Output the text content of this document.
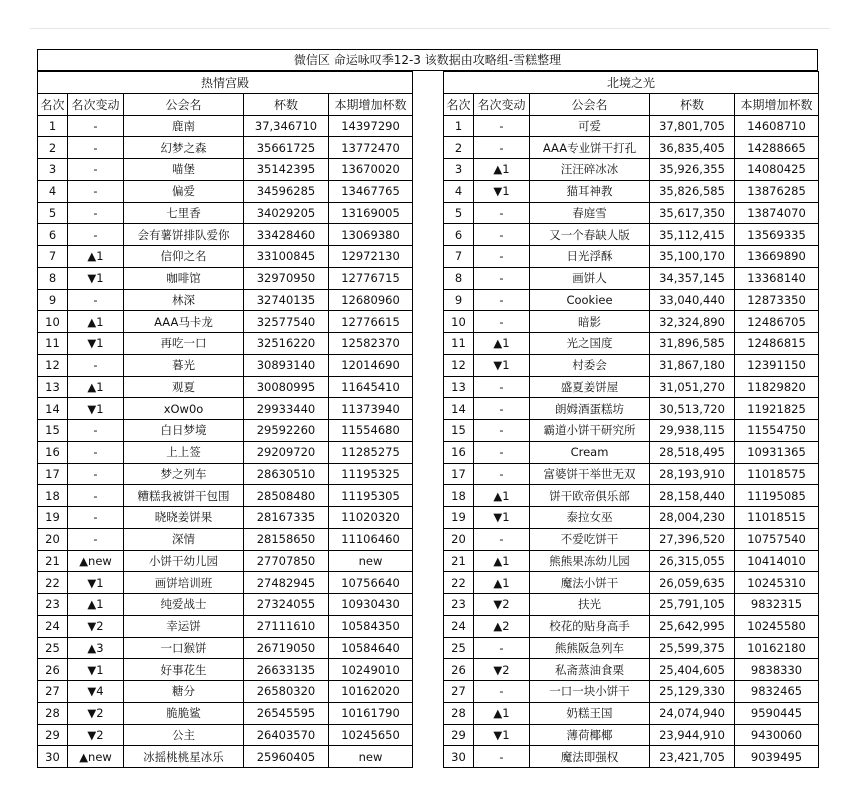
微信区 命运咏叹季12-3 该数据由攻略组-雪糕整理
热情宫殿				
名次	名次变动	公会名	杯数	本期增加杯数
1	-	鹿南	37,346710	14397290
2	-	幻梦之森	35661725	13772470
3	-	喵堡	35142395	13670020
4	-	偏爱	34596285	13467765
5	-	七里香	34029205	13169005
6	-	会有薯饼排队爱你	33428460	13069380
7	▲1	信仰之名	33100845	12972130
8	▼1	咖啡馆	32970950	12776715
9	-	林深	32740135	12680960
10	▲1	AAA马卡龙	32577540	12776615
11	▼1	再吃一口	32516220	12582370
12	-	暮光	30893140	12014690
13	▲1	观夏	30080995	11645410
14	▼1	xOw0o	29933440	11373940
15	-	白日梦境	29592260	11554680
16	-	上上签	29209720	11285275
17	-	梦之列车	28630510	11195325
18	-	糟糕我被饼干包围	28508480	11195305
19	-	晓晓姜饼果	28167335	11020320
20	-	深情	28158650	11106460
21	▲new	小饼干幼儿园	27707850	new
22	▼1	画饼培训班	27482945	10756640
23	▲1	纯爱战士	27324055	10930430
24	▼2	幸运饼	27111610	10584350
25	▲3	一口猴饼	26719050	10584640
26	▼1	好事花生	26633135	10249010
27	▼4	糖分	26580320	10162020
28	▼2	脆脆鲨	26545595	10161790
29	▼2	公主	26403570	10245650
30	▲new	冰摇桃桃星冰乐	25960405	new
北境之光				
名次	名次变动	公会名	杯数	本期增加杯数
1	-	可爱	37,801,705	14608710
2	-	AAA专业饼干打孔	36,835,405	14288665
3	▲1	汪汪碎冰冰	35,926,355	14080425
4	▼1	猫耳神教	35,826,585	13876285
5	-	春庭雪	35,617,350	13874070
6	-	又一个春缺人版	35,112,415	13569335
7	-	日光浮酥	35,100,170	13669890
8	-	画饼人	34,357,145	13368140
9	-	Cookiee	33,040,440	12873350
10	-	暗影	32,324,890	12486705
11	▲1	光之国度	31,896,585	12486815
12	▼1	村委会	31,867,180	12391150
13	-	盛夏姜饼屋	31,051,270	11829820
14	-	朗姆酒蛋糕坊	30,513,720	11921825
15	-	霸道小饼干研究所	29,938,115	11554750
16	-	Cream	28,518,495	10931365
17	-	富婆饼干举世无双	28,193,910	11018575
18	▲1	饼干欧帝俱乐部	28,158,440	11195085
19	▼1	泰拉女巫	28,004,230	11018515
20	-	不爱吃饼干	27,396,520	10757540
21	▲1	熊熊果冻幼儿园	26,315,055	10414010
22	▲1	魔法小饼干	26,059,635	10245310
23	▼2	扶光	25,791,105	9832315
24	▲2	校花的贴身高手	25,642,995	10245580
25	-	熊熊阪急列车	25,599,375	10162180
26	▼2	私斋蒸油食栗	25,404,605	9838330
27	-	一口一块小饼干	25,129,330	9832465
28	▲1	奶糕王国	24,074,940	9590445
29	▼1	薄荷椰椰	23,944,910	9430060
30	-	魔法即强权	23,421,705	9039495
